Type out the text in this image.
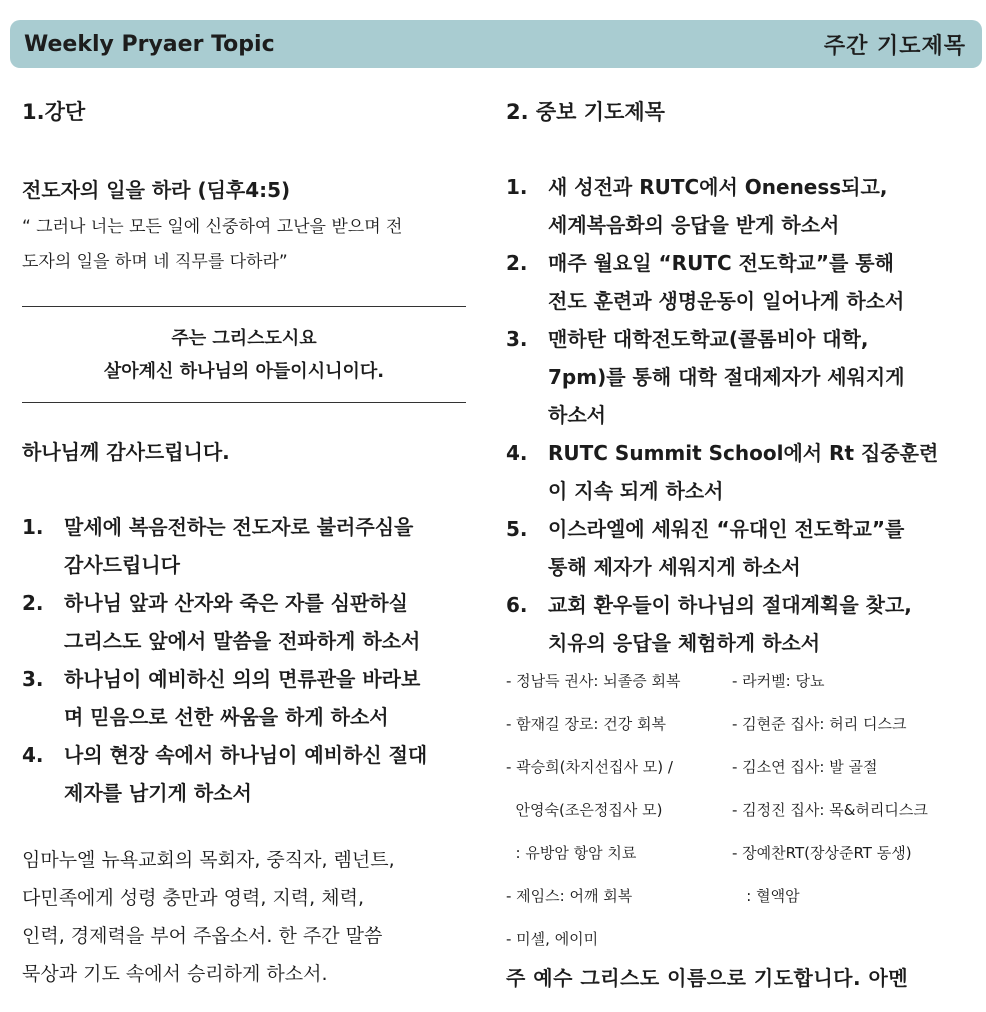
Weekly Pryaer Topic	주간 기도제목
1.강단
전도자의 일을 하라 (딤후4:5)
“ 그러나 너는 모든 일에 신중하여 고난을 받으며 전
도자의 일을 하며 네 직무를 다하라”
주는 그리스도시요
살아계신 하나님의 아들이시니이다.
하나님께 감사드립니다.
1. 말세에 복음전하는 전도자로 불러주심을
감사드립니다
2. 하나님 앞과 산자와 죽은 자를 심판하실
그리스도 앞에서 말씀을 전파하게 하소서
3. 하나님이 예비하신 의의 면류관을 바라보
며 믿음으로 선한 싸움을 하게 하소서
4. 나의 현장 속에서 하나님이 예비하신 절대
제자를 남기게 하소서
임마누엘 뉴욕교회의 목회자, 중직자, 렘넌트,
다민족에게 성령 충만과 영력, 지력, 체력,
인력, 경제력을 부어 주옵소서. 한 주간 말씀
묵상과 기도 속에서 승리하게 하소서.
2. 중보 기도제목
1. 새 성전과 RUTC에서 Oneness되고,
세계복음화의 응답을 받게 하소서
2. 매주 월요일 “RUTC 전도학교”를 통해
전도 훈련과 생명운동이 일어나게 하소서
3. 맨하탄 대학전도학교(콜롬비아 대학,
7pm)를 통해 대학 절대제자가 세워지게
하소서
4. RUTC Summit School에서 Rt 집중훈련
이 지속 되게 하소서
5. 이스라엘에 세워진 “유대인 전도학교”를
통해 제자가 세워지게 하소서
6. 교회 환우들이 하나님의 절대계획을 찾고,
치유의 응답을 체험하게 하소서
- 정남득 권사: 뇌졸증 회복
- 함재길 장로: 건강 회복
- 곽승희(차지선집사 모) /
안영숙(조은정집사 모)
: 유방암 항암 치료
- 제임스: 어깨 회복
- 미셀, 에이미
- 라커벨: 당뇨
- 김현준 집사: 허리 디스크
- 김소연 집사: 발 골절
- 김정진 집사: 목&허리디스크
- 장예찬RT(장상준RT 동생)
: 혈액암
주 예수 그리스도 이름으로 기도합니다. 아멘
